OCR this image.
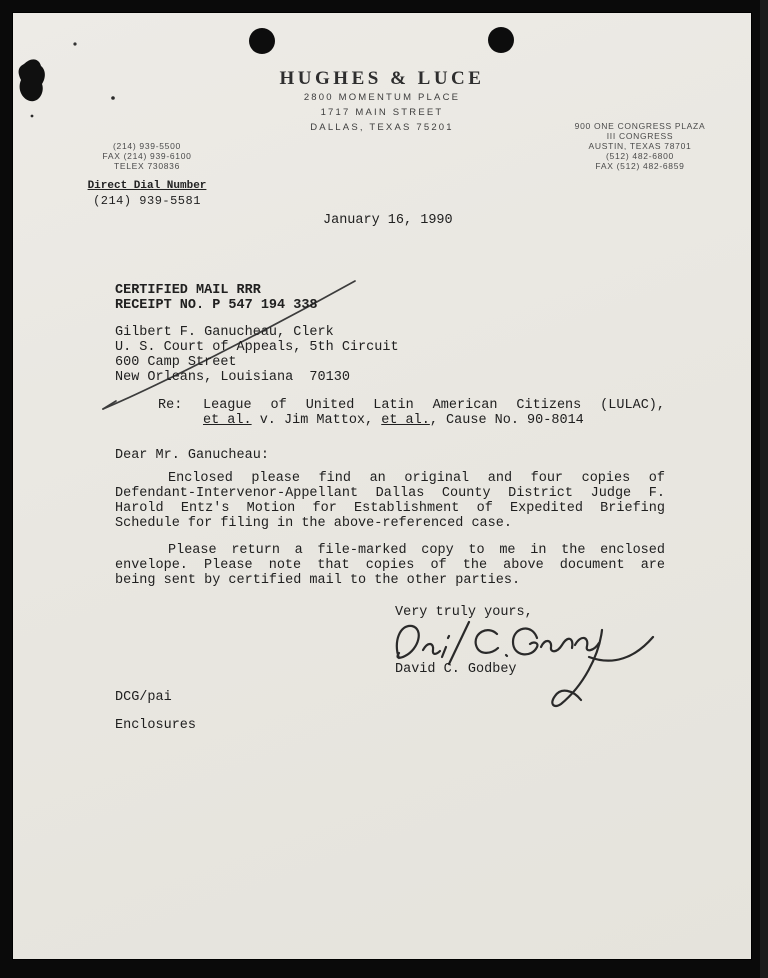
HUGHES & LUCE
2800 MOMENTUM PLACE
1717 MAIN STREET
DALLAS, TEXAS 75201
(214) 939-5500
FAX (214) 939-6100
TELEX 730836
Direct Dial Number
(214) 939-5581
900 ONE CONGRESS PLAZA
III CONGRESS
AUSTIN, TEXAS 78701
(512) 482-6800
FAX (512) 482-6859
January 16, 1990
CERTIFIED MAIL RRR
RECEIPT NO. P 547 194 338
Gilbert F. Ganucheau, Clerk
U. S. Court of Appeals, 5th Circuit
600 Camp Street
New Orleans, Louisiana  70130
Re:	League of United Latin American Citizens (LULAC),
et al. v. Jim Mattox, et al., Cause No. 90-8014
Dear Mr. Ganucheau:
Enclosed please find an original and four copies of
Defendant-Intervenor-Appellant Dallas County District Judge F.
Harold Entz's Motion for Establishment of Expedited Briefing
Schedule for filing in the above-referenced case.
Please return a file-marked copy to me in the enclosed
envelope. Please note that copies of the above document are
being sent by certified mail to the other parties.
Very truly yours,
David C. Godbey
DCG/pai
Enclosures
